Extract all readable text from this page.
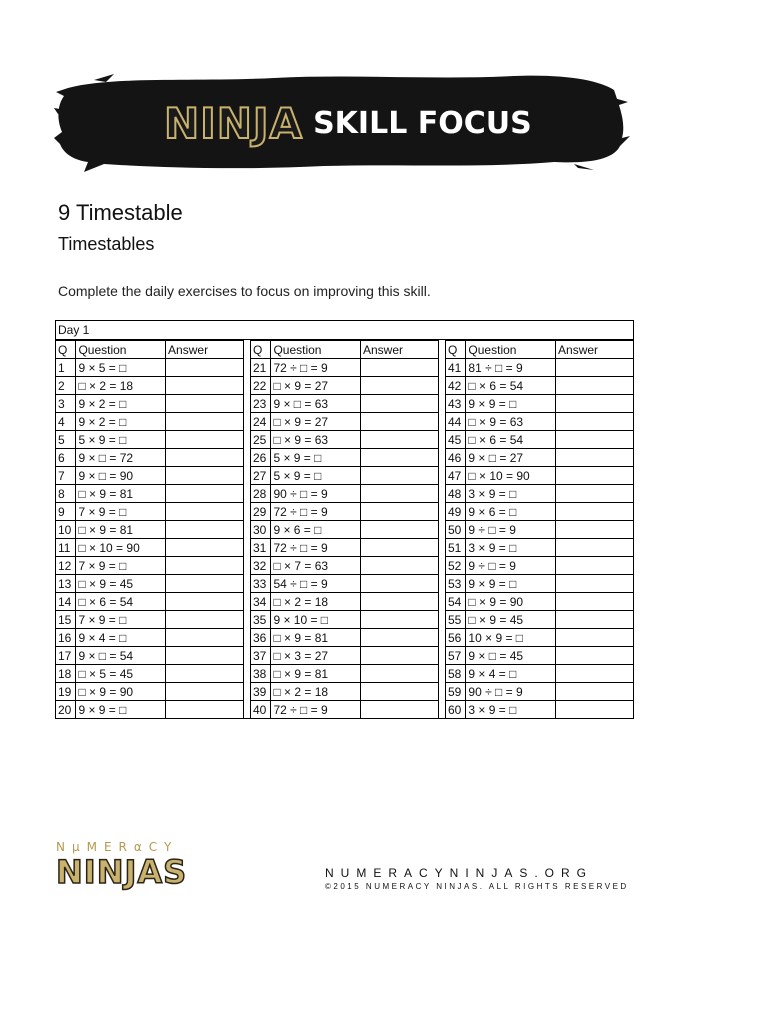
NINJA SKILL FOCUS
9 Timestable
Timestables

Complete the daily exercises to focus on improving this skill.

Day 1
Q	Question	Answer
1	9 × 5 = □	
2	□ × 2 = 18	
3	9 × 2 = □	
4	9 × 2 = □	
5	5 × 9 = □	
6	9 × □ = 72	
7	9 × □ = 90	
8	□ × 9 = 81	
9	7 × 9 = □	
10	□ × 9 = 81	
11	□ × 10 = 90	
12	7 × 9 = □	
13	□ × 9 = 45	
14	□ × 6 = 54	
15	7 × 9 = □	
16	9 × 4 = □	
17	9 × □ = 54	
18	□ × 5 = 45	
19	□ × 9 = 90	
20	9 × 9 = □	
Q	Question	Answer
21	72 ÷ □ = 9	
22	□ × 9 = 27	
23	9 × □ = 63	
24	□ × 9 = 27	
25	□ × 9 = 63	
26	5 × 9 = □	
27	5 × 9 = □	
28	90 ÷ □ = 9	
29	72 ÷ □ = 9	
30	9 × 6 = □	
31	72 ÷ □ = 9	
32	□ × 7 = 63	
33	54 ÷ □ = 9	
34	□ × 2 = 18	
35	9 × 10 = □	
36	□ × 9 = 81	
37	□ × 3 = 27	
38	□ × 9 = 81	
39	□ × 2 = 18	
40	72 ÷ □ = 9	
Q	Question	Answer
41	81 ÷ □ = 9	
42	□ × 6 = 54	
43	9 × 9 = □	
44	□ × 9 = 63	
45	□ × 6 = 54	
46	9 × □ = 27	
47	□ × 10 = 90	
48	3 × 9 = □	
49	9 × 6 = □	
50	9 ÷ □ = 9	
51	3 × 9 = □	
52	9 ÷ □ = 9	
53	9 × 9 = □	
54	□ × 9 = 90	
55	□ × 9 = 45	
56	10 × 9 = □	
57	9 × □ = 45	
58	9 × 4 = □	
59	90 ÷ □ = 9	
60	3 × 9 = □	
NμMERαCY
NINJAS	NUMERACYNINJAS.ORG
©2015 NUMERACY NINJAS. ALL RIGHTS RESERVED
